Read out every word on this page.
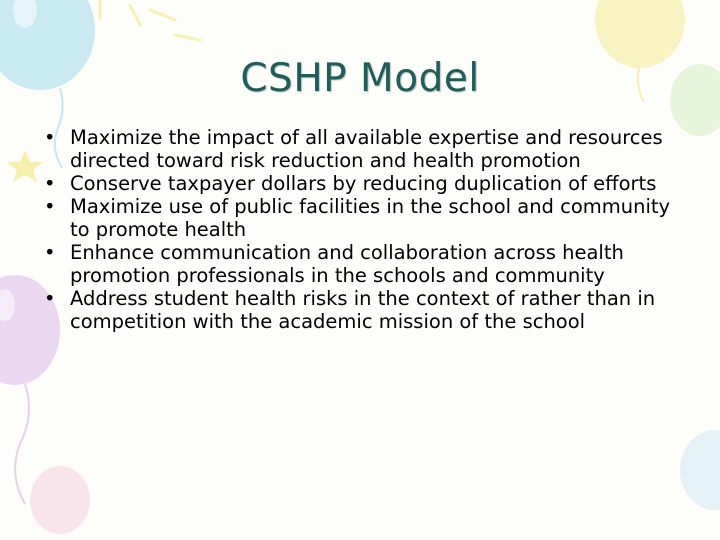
CSHP Model
• Maximize the impact of all available expertise and resources directed toward risk reduction and health promotion
• Conserve taxpayer dollars by reducing duplication of efforts
• Maximize use of public facilities in the school and community to promote health
• Enhance communication and collaboration across health promotion professionals in the schools and community
• Address student health risks in the context of rather than in competition with the academic mission of the school
